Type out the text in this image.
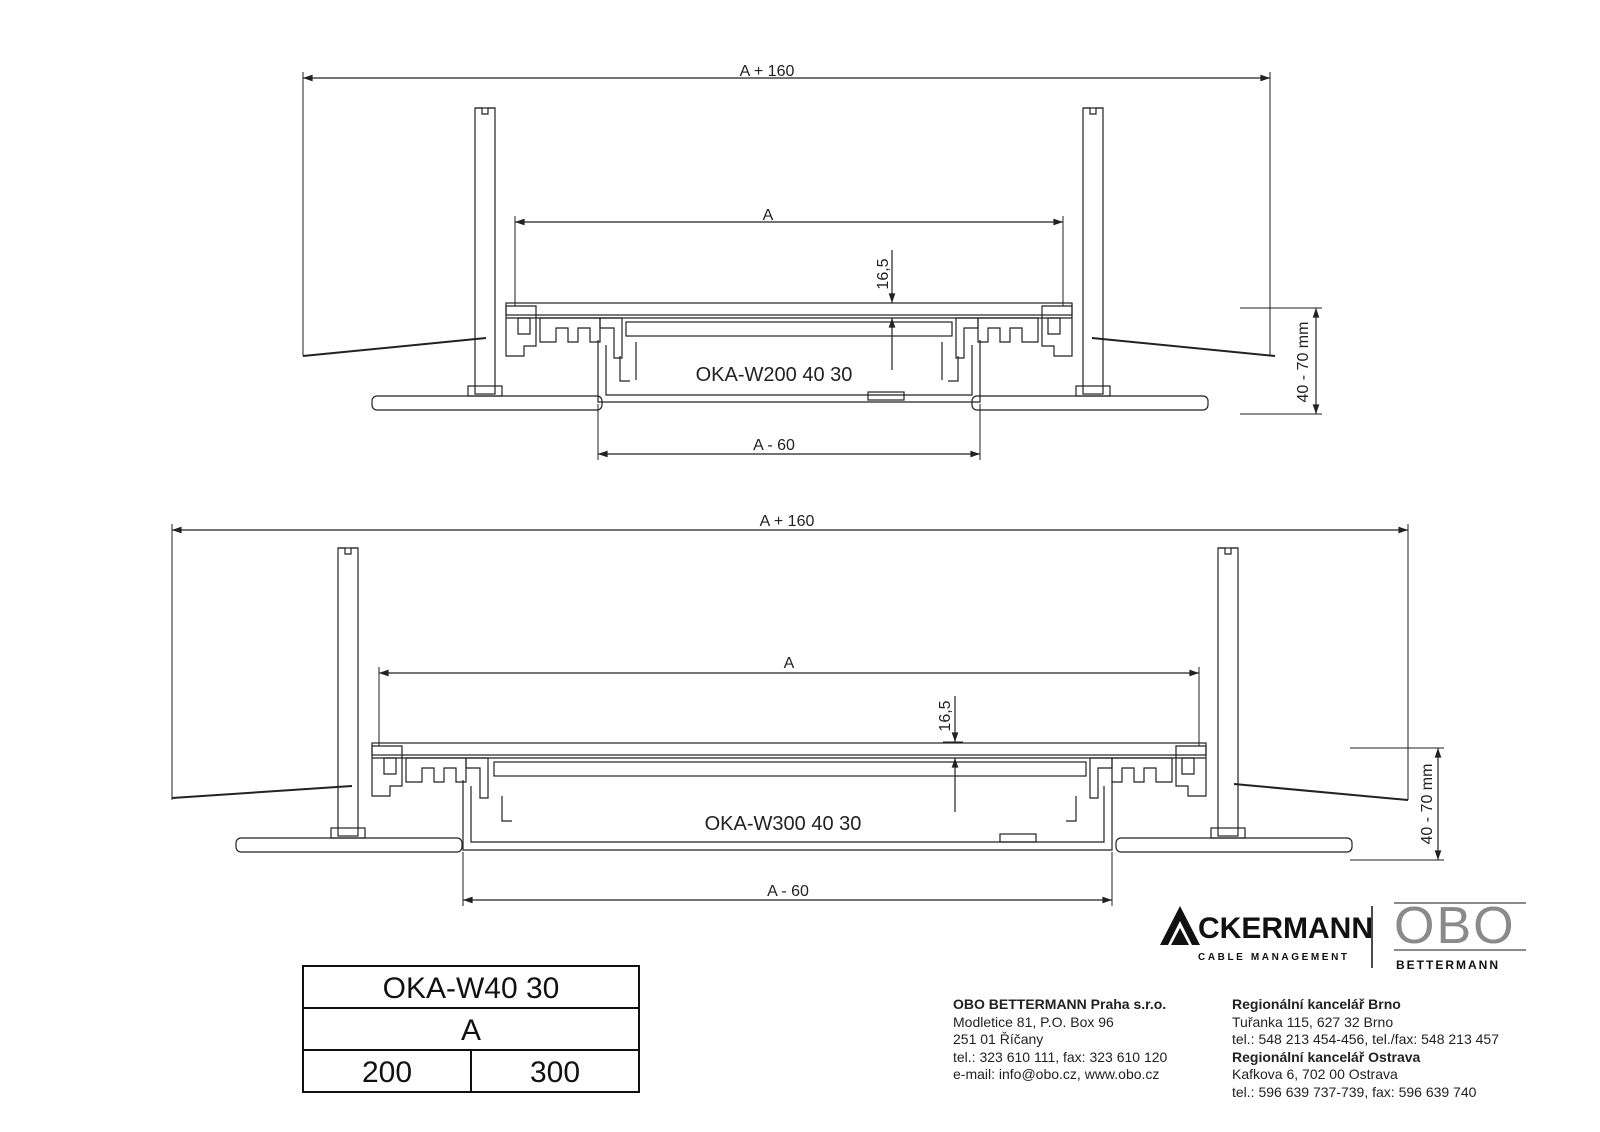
A + 160
A
A - 60
16,5
40 - 70 mm
OKA-W200 40 30
A + 160
A
A - 60
16,5
40 - 70 mm
OKA-W300 40 30
OKA-W40 30
A
200	300
CKERMANN
CABLE MANAGEMENT
OBO
BETTERMANN
OBO BETTERMANN Praha s.r.o.
Modletice 81, P.O. Box 96
251 01 Říčany
tel.: 323 610 111, fax: 323 610 120
e-mail: info@obo.cz, www.obo.cz
Regionální kancelář Brno
Tuřanka 115, 627 32 Brno
tel.: 548 213 454-456, tel./fax: 548 213 457
Regionální kancelář Ostrava
Kafkova 6, 702 00 Ostrava
tel.: 596 639 737-739, fax: 596 639 740
